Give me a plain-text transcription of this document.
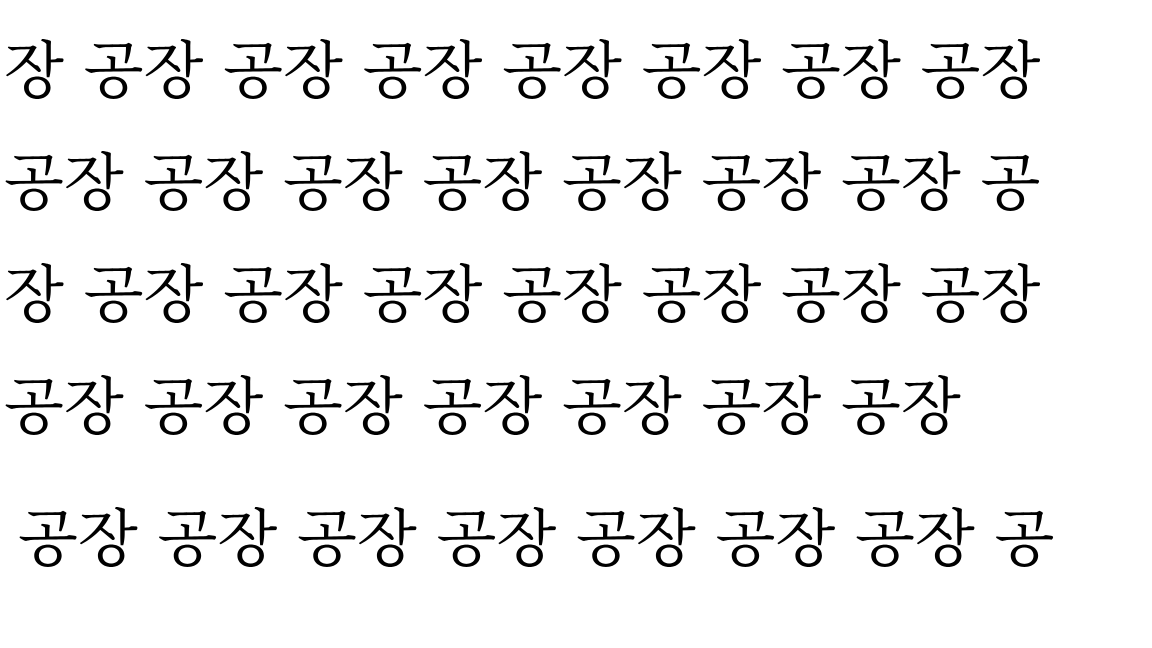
장 공장 공장 공장 공장 공장 공장 공장

공장 공장 공장 공장 공장 공장 공장 공

장 공장 공장 공장 공장 공장 공장 공장

공장 공장 공장 공장 공장 공장 공장

공장 공장 공장 공장 공장 공장 공장 공
